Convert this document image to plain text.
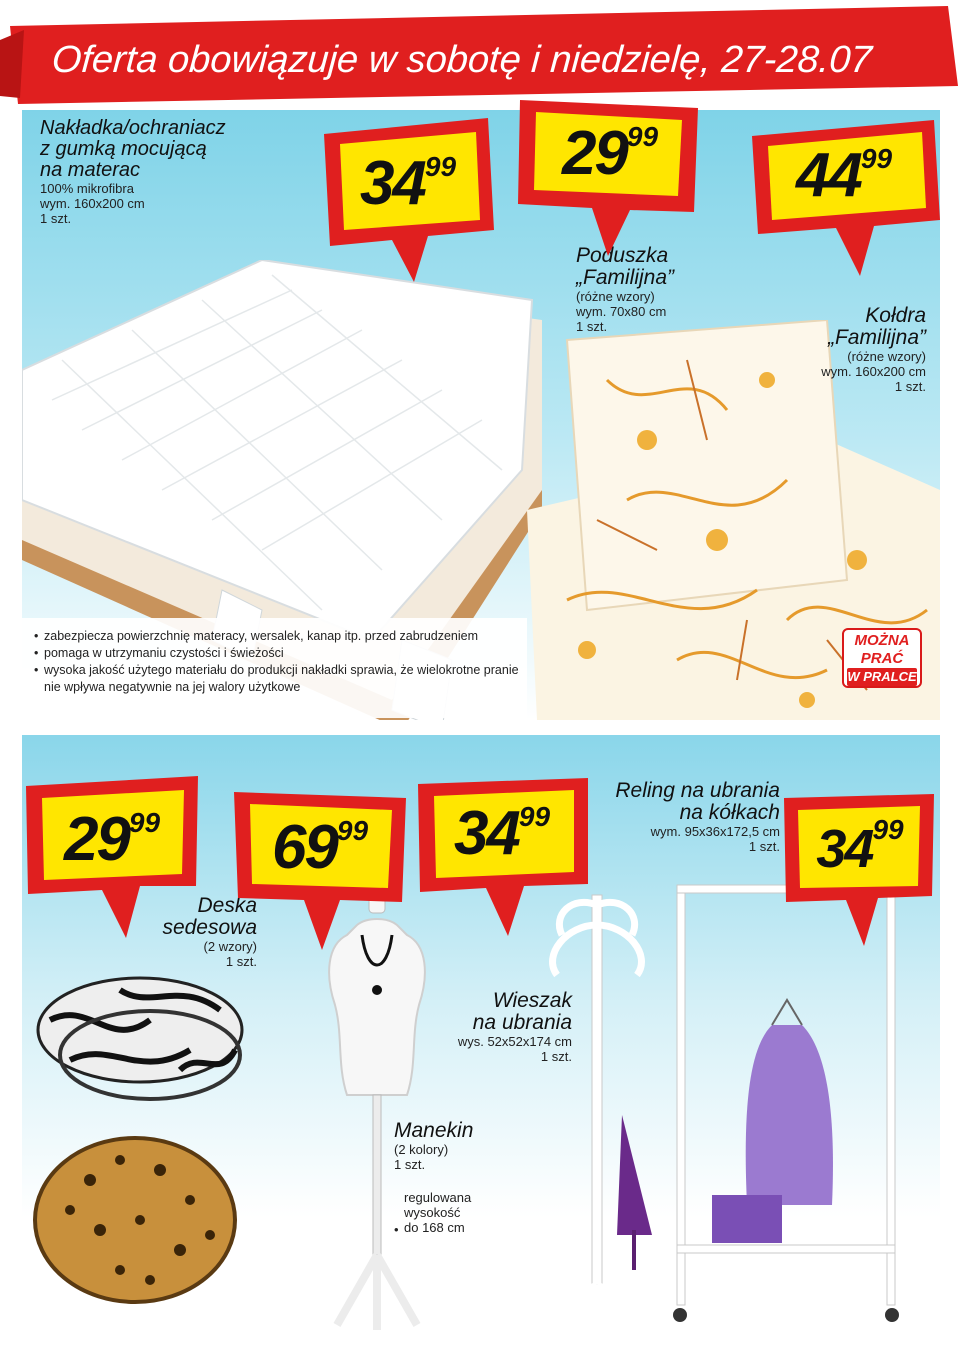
Oferta obowiązuje w sobotę i niedzielę, 27-28.07
Nakładka/ochraniacz
z gumką mocującą
na materac
100% mikrofibra
wym. 160x200 cm
1 szt.
Poduszka
„Familijna”
(różne wzory)
wym. 70x80 cm
1 szt.	Kołdra
„Familijna”
(różne wzory)
wym. 160x200 cm
1 szt.
• zabezpiecza powierzchnię materacy, wersalek, kanap itp. przed zabrudzeniem
• pomaga w utrzymaniu czystości i świeżości
• wysoka jakość użytego materiału do produkcji nakładki sprawia, że wielokrotne pranie nie wpływa negatywnie na jej walory użytkowe
3499	2999
4499
MOŻNA
PRAĆ
W PRALCE
Deska
sedesowa
(2 wzory)
1 szt.
Manekin
(2 kolory)
1 szt.
regulowana
wysokość
do 168 cm
•
Wieszak
na ubrania
wys. 52x52x174 cm
1 szt.
Reling na ubrania
na kółkach
wym. 95x36x172,5 cm
1 szt.
2999	6999	3499
3499
